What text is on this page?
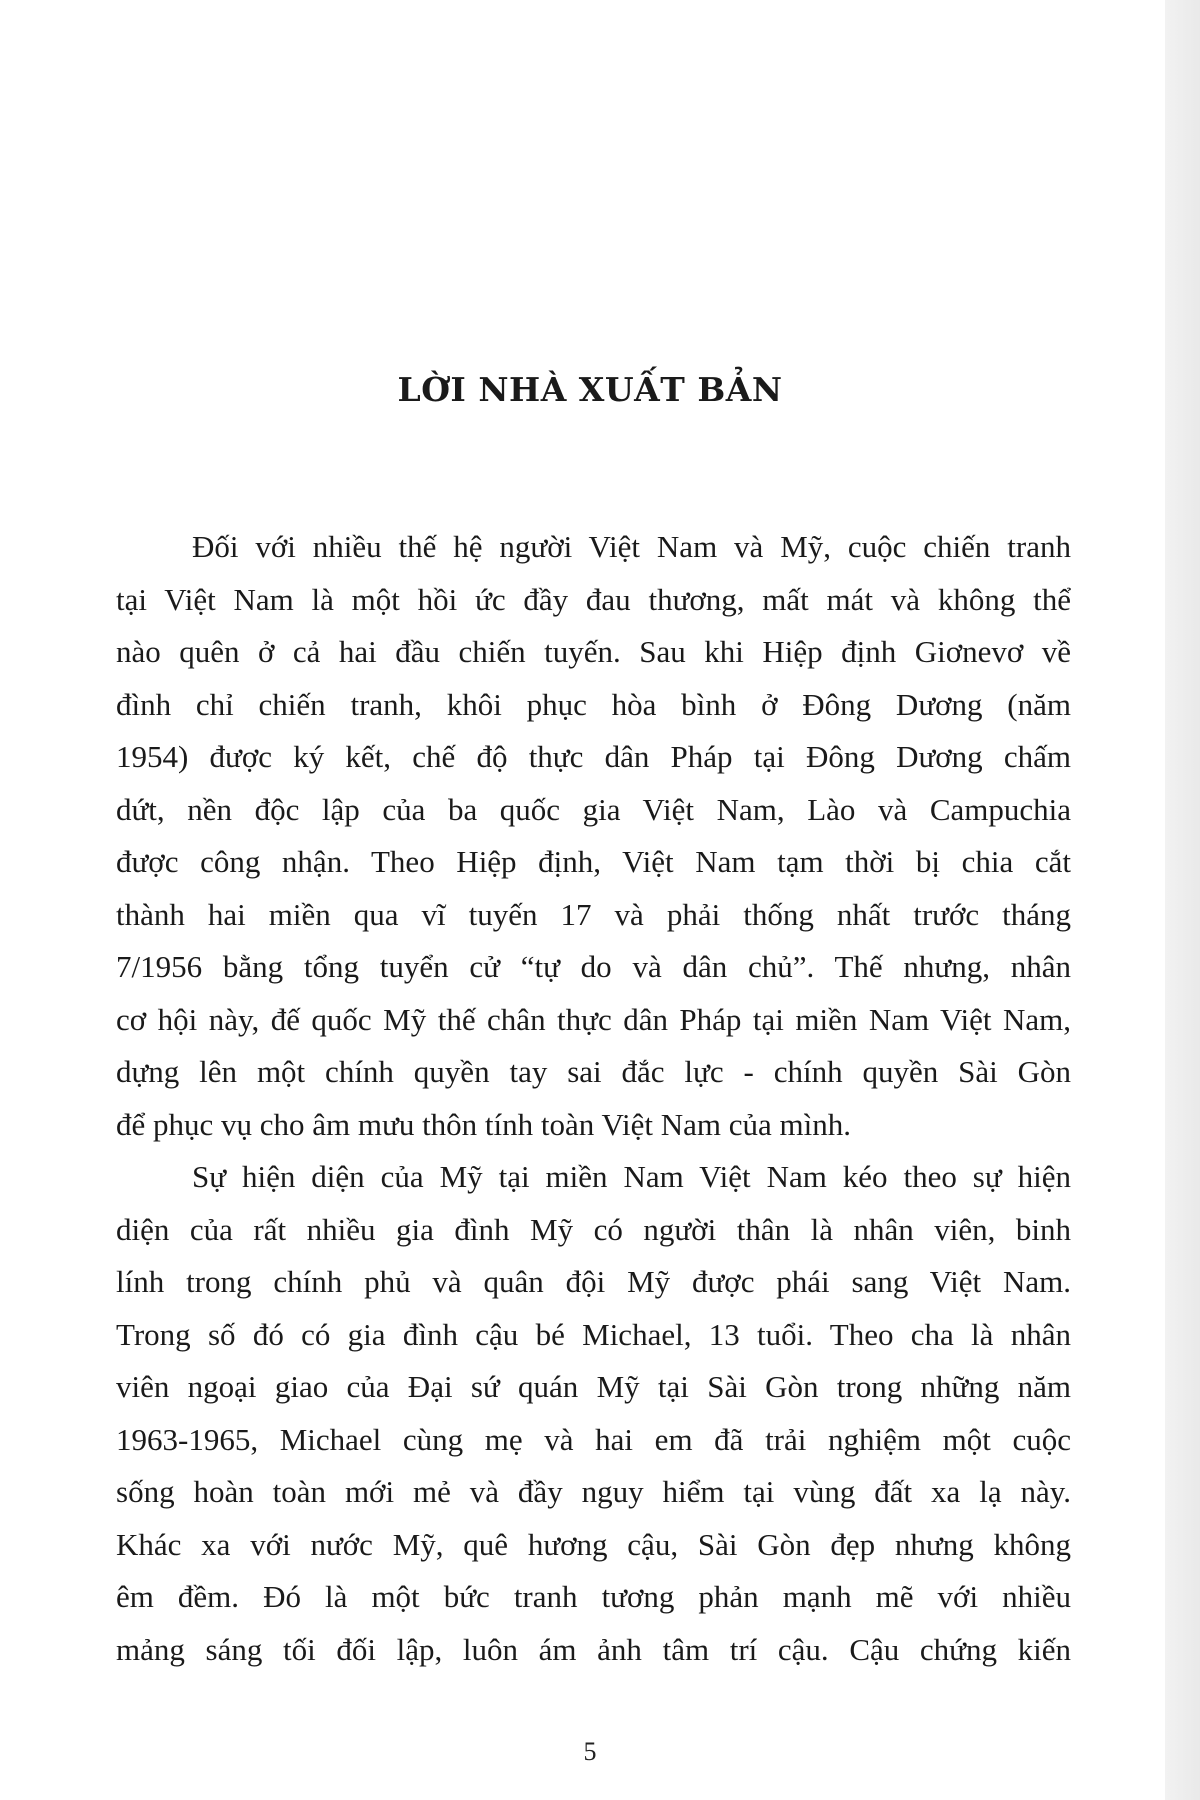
LỜI NHÀ XUẤT BẢN
Đối với nhiều thế hệ người Việt Nam và Mỹ, cuộc chiến tranh
tại Việt Nam là một hồi ức đầy đau thương, mất mát và không thể
nào quên ở cả hai đầu chiến tuyến. Sau khi Hiệp định Giơnevơ về
đình chỉ chiến tranh, khôi phục hòa bình ở Đông Dương (năm
1954) được ký kết, chế độ thực dân Pháp tại Đông Dương chấm
dứt, nền độc lập của ba quốc gia Việt Nam, Lào và Campuchia
được công nhận. Theo Hiệp định, Việt Nam tạm thời bị chia cắt
thành hai miền qua vĩ tuyến 17 và phải thống nhất trước tháng
7/1956 bằng tổng tuyển cử “tự do và dân chủ”. Thế nhưng, nhân
cơ hội này, đế quốc Mỹ thế chân thực dân Pháp tại miền Nam Việt Nam,
dựng lên một chính quyền tay sai đắc lực - chính quyền Sài Gòn
để phục vụ cho âm mưu thôn tính toàn Việt Nam của mình.
Sự hiện diện của Mỹ tại miền Nam Việt Nam kéo theo sự hiện
diện của rất nhiều gia đình Mỹ có người thân là nhân viên, binh
lính trong chính phủ và quân đội Mỹ được phái sang Việt Nam.
Trong số đó có gia đình cậu bé Michael, 13 tuổi. Theo cha là nhân
viên ngoại giao của Đại sứ quán Mỹ tại Sài Gòn trong những năm
1963-1965, Michael cùng mẹ và hai em đã trải nghiệm một cuộc
sống hoàn toàn mới mẻ và đầy nguy hiểm tại vùng đất xa lạ này.
Khác xa với nước Mỹ, quê hương cậu, Sài Gòn đẹp nhưng không
êm đềm. Đó là một bức tranh tương phản mạnh mẽ với nhiều
mảng sáng tối đối lập, luôn ám ảnh tâm trí cậu. Cậu chứng kiến
5
